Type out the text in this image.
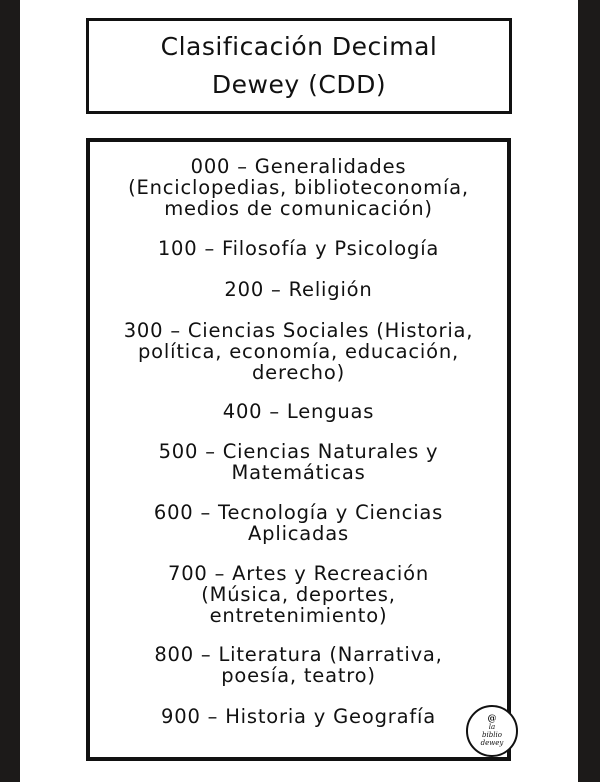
Clasificación Decimal
Dewey (CDD)
000 – Generalidades
(Enciclopedias, biblioteconomía,
medios de comunicación)
100 – Filosofía y Psicología
200 – Religión
300 – Ciencias Sociales (Historia,
política, economía, educación,
derecho)
400 – Lenguas
500 – Ciencias Naturales y
Matemáticas
600 – Tecnología y Ciencias
Aplicadas
700 – Artes y Recreación
(Música, deportes,
entretenimiento)
800 – Literatura (Narrativa,
poesía, teatro)
900 – Historia y Geografía	@
la
biblio
dewey
